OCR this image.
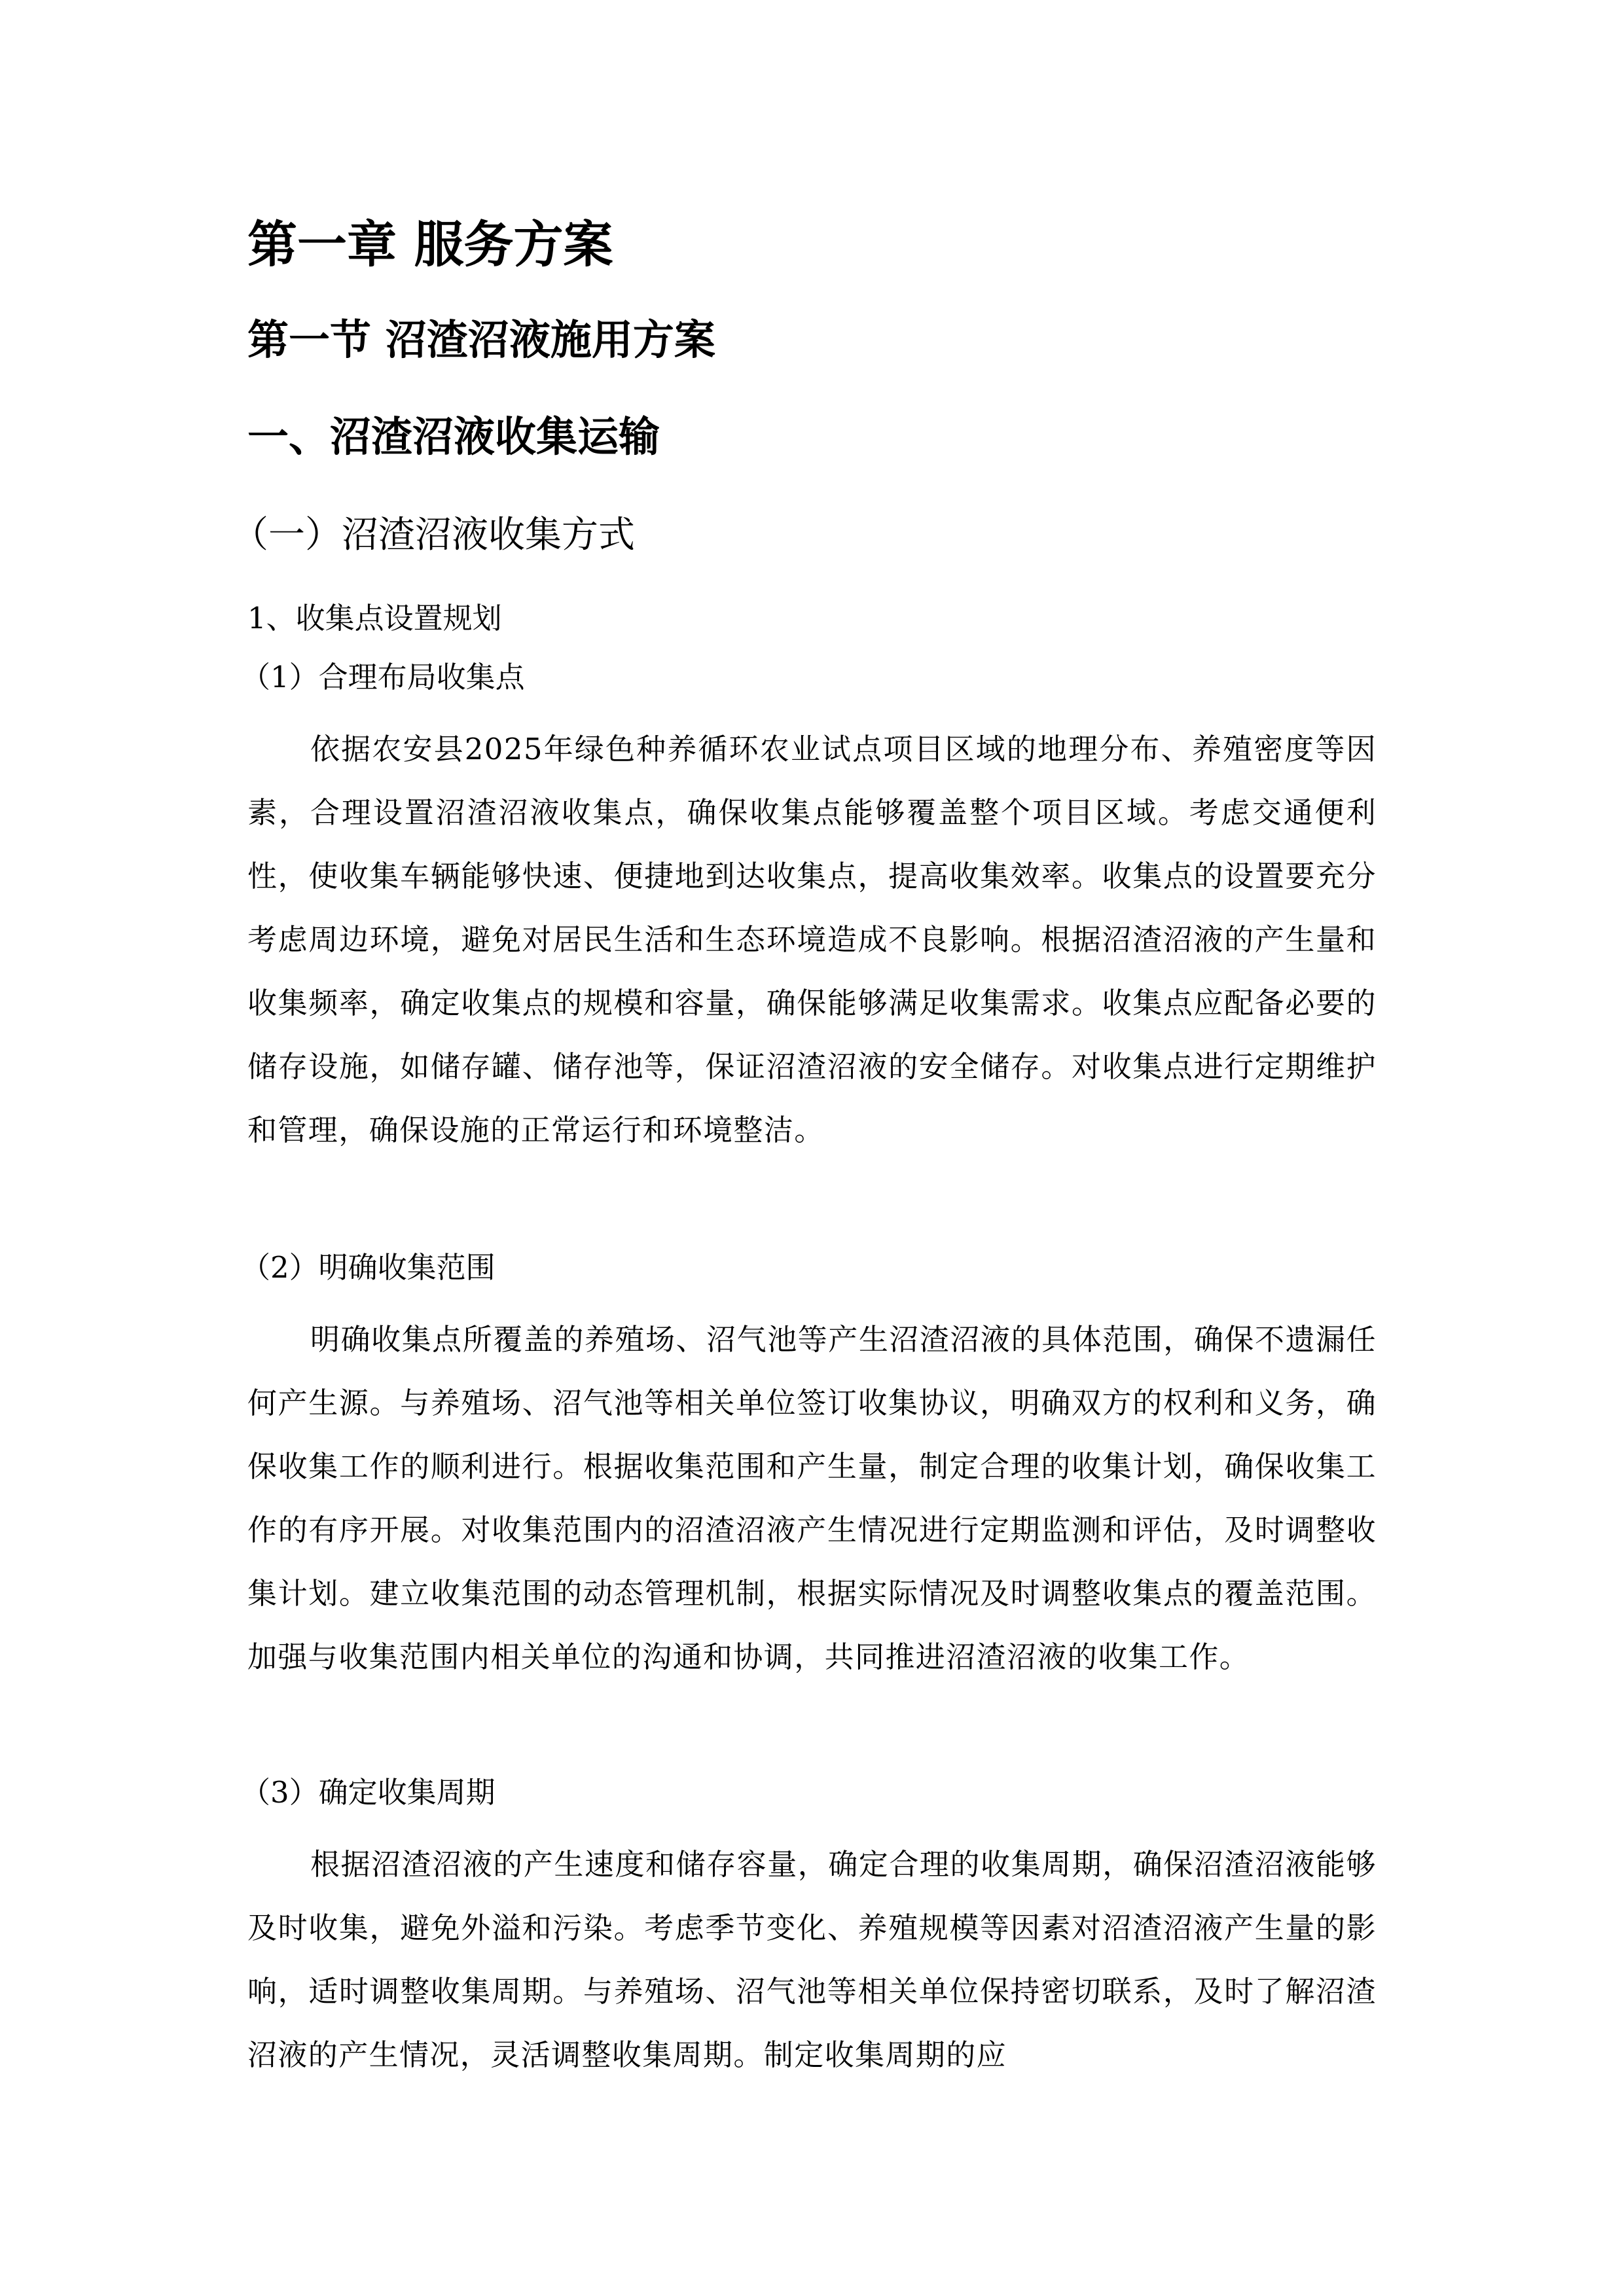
第一章 服务方案
第一节 沼渣沼液施用方案
一、沼渣沼液收集运输
（一）沼渣沼液收集方式
1、收集点设置规划
（1）合理布局收集点

依据农安县2025年绿色种养循环农业试点项目区域的地理分布、养殖密度等因素，合理设置沼渣沼液收集点，确保收集点能够覆盖整个项目区域。考虑交通便利性，使收集车辆能够快速、便捷地到达收集点，提高收集效率。收集点的设置要充分考虑周边环境，避免对居民生活和生态环境造成不良影响。根据沼渣沼液的产生量和收集频率，确定收集点的规模和容量，确保能够满足收集需求。收集点应配备必要的储存设施，如储存罐、储存池等，保证沼渣沼液的安全储存。对收集点进行定期维护和管理，确保设施的正常运行和环境整洁。

（2）明确收集范围

明确收集点所覆盖的养殖场、沼气池等产生沼渣沼液的具体范围，确保不遗漏任何产生源。与养殖场、沼气池等相关单位签订收集协议，明确双方的权利和义务，确保收集工作的顺利进行。根据收集范围和产生量，制定合理的收集计划，确保收集工作的有序开展。对收集范围内的沼渣沼液产生情况进行定期监测和评估，及时调整收集计划。建立收集范围的动态管理机制，根据实际情况及时调整收集点的覆盖范围。加强与收集范围内相关单位的沟通和协调，共同推进沼渣沼液的收集工作。

（3）确定收集周期

根据沼渣沼液的产生速度和储存容量，确定合理的收集周期，确保沼渣沼液能够及时收集，避免外溢和污染。考虑季节变化、养殖规模等因素对沼渣沼液产生量的影响，适时调整收集周期。与养殖场、沼气池等相关单位保持密切联系，及时了解沼渣沼液的产生情况，灵活调整收集周期。制定收集周期的应
